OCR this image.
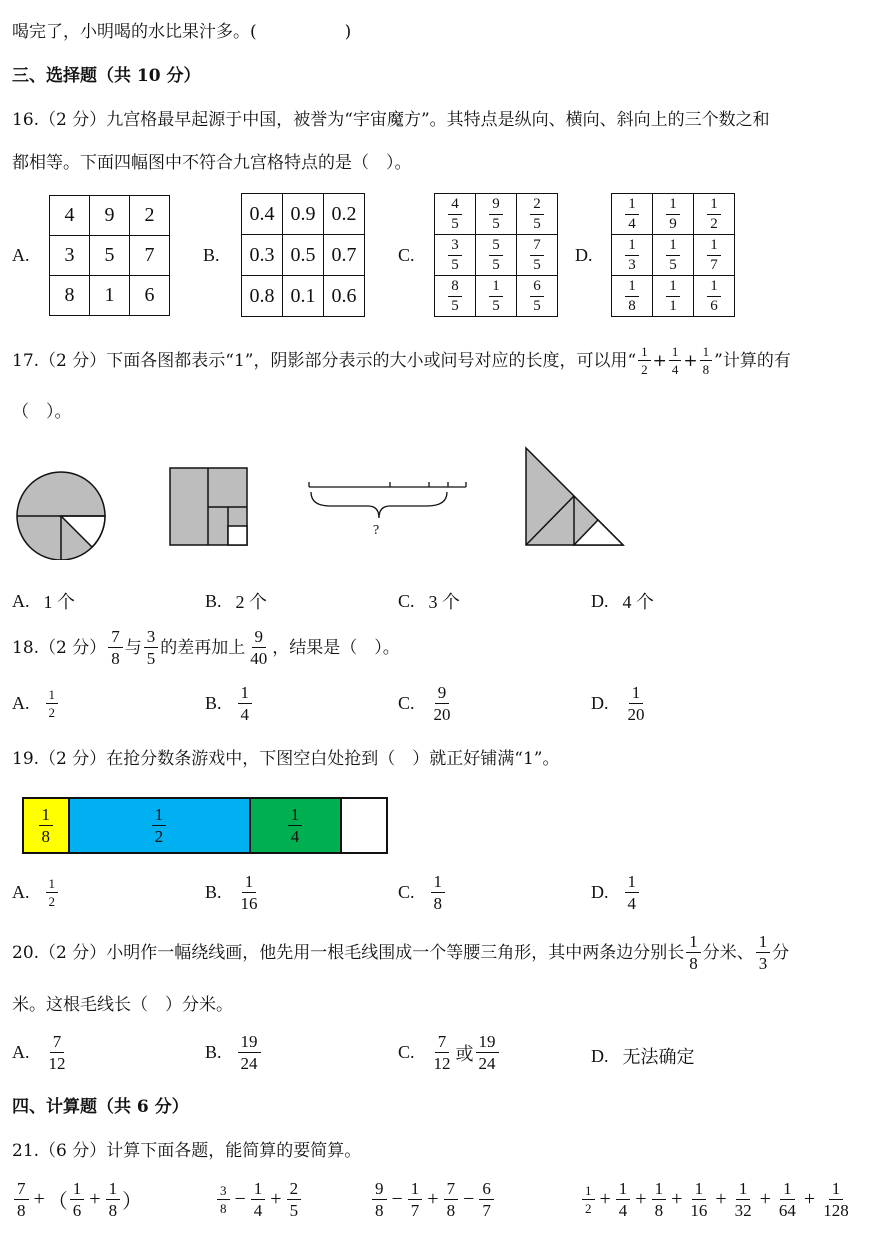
喝完了，小明喝的水比果汁多。(	)
三、选择题（共 10 分）
16.（2 分）九宫格最早起源于中国，被誉为“宇宙魔方”。其特点是纵向、横向、斜向上的三个数之和
都相等。下面四幅图中不符合九宫格特点的是（　）。
A.
4	9	2
3	5	7
8	1	6
B.
0.4	0.9	0.2
0.3	0.5	0.7
0.8	0.1	0.6
C.
$\frac{4}{5}$	$\frac{9}{5}$	$\frac{2}{5}$

$\frac{3}{5}$	$\frac{5}{5}$	$\frac{7}{5}$

$\frac{8}{5}$	$\frac{1}{5}$	$\frac{6}{5}$
D.
$\frac{1}{4}$	$\frac{1}{9}$	$\frac{1}{2}$

$\frac{1}{3}$	$\frac{1}{5}$	$\frac{1}{7}$

$\frac{1}{8}$	$\frac{1}{1}$	$\frac{1}{6}$
17.（2 分）下面各图都表示“1”，阴影部分表示的大小或问号对应的长度，可以用“ $\frac{1}{2} + \frac{1}{4} + \frac{1}{8}$ ”计算的有
（　）。
?
A. 1 个	B. 2 个	C. 3 个	D. 4 个
18.（2 分） $\frac{7}{8}$ 与 $\frac{3}{5}$ 的差再加上 $\frac{9}{40}$ ，结果是（　）。
A. $\frac{1}{2}$	B. $\frac{1}{4}$	C. $\frac{9}{20}$	D. $\frac{1}{20}$
19.（2 分）在抢分数条游戏中，下图空白处抢到（　）就正好铺满“1”。
$\frac{1}{8}$	$\frac{1}{2}$	$\frac{1}{4}$
A. $\frac{1}{2}$	B. $\frac{1}{16}$	C. $\frac{1}{8}$	D. $\frac{1}{4}$
20.（2 分）小明作一幅绕线画，他先用一根毛线围成一个等腰三角形，其中两条边分别长 $\frac{1}{8}$ 分米、 $\frac{1}{3}$ 分
米。这根毛线长（　）分米。
A. $\frac{7}{12}$	B. $\frac{19}{24}$	C. $\frac{7}{12}$ 或 $\frac{19}{24}$	D. 无法确定
四、计算题（共 6 分）
21.（6 分）计算下面各题，能简算的要简算。
$\frac{7}{8}$ + （ $\frac{1}{6} + \frac{1}{8}$ ）	$\frac{3}{8} - \frac{1}{4} + \frac{2}{5}$	$\frac{9}{8} - \frac{1}{7} + \frac{7}{8} - \frac{6}{7}$	$\frac{1}{2} + \frac{1}{4} + \frac{1}{8} + \frac{1}{16} + \frac{1}{32} + \frac{1}{64} + \frac{1}{128}$
